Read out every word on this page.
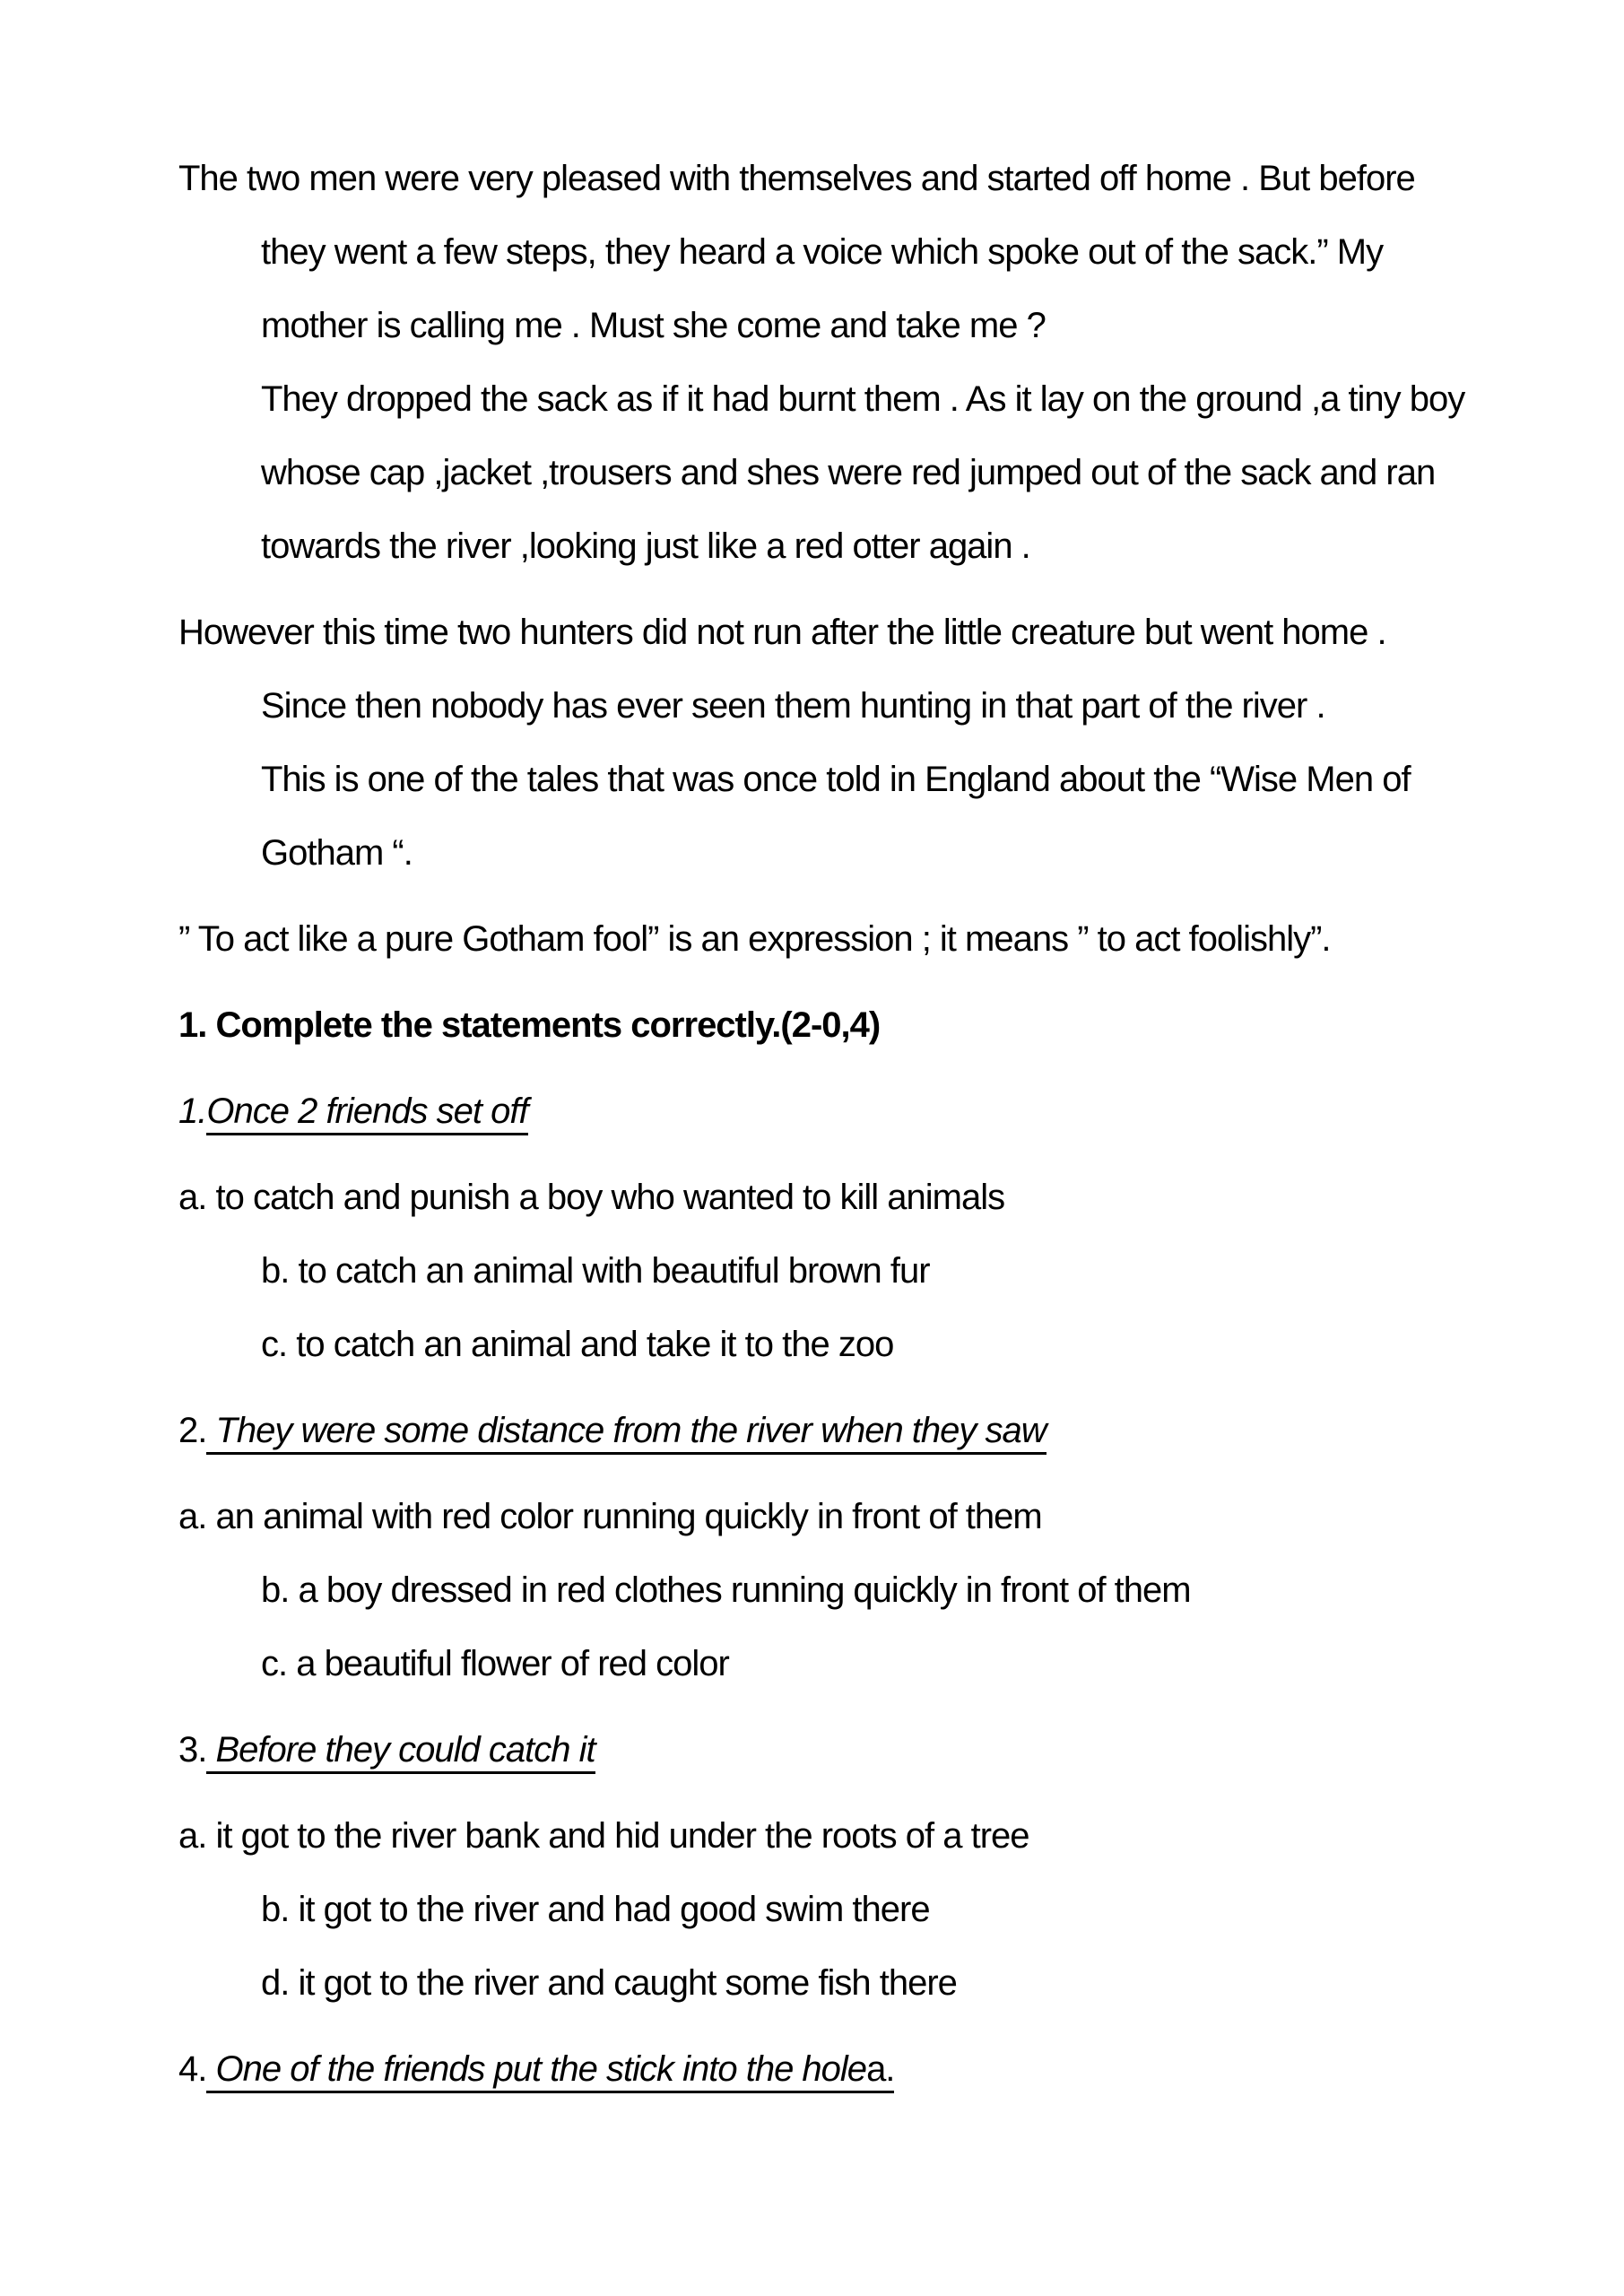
The two men were very pleased with themselves and started off home . But before
they went a few steps, they heard a voice which spoke out of the sack.” My
mother is calling me . Must she come and take me ?
They dropped the sack as if it had burnt them . As it lay on the ground ,a tiny boy
whose cap ,jacket ,trousers and shes were red jumped out of the sack and ran
towards the river ,looking just like a red otter again .
However this time two hunters did not run after the little creature but went home .
Since then nobody has ever seen them hunting in that part of the river .
This is one of the tales that was once told in England about the “Wise Men of
Gotham “.
” To act like a pure Gotham fool” is an expression ; it means ” to act foolishly”.
1. Complete the statements correctly.(2-0,4)
1.Once 2 friends set off
a. to catch and punish a boy who wanted to kill animals
b. to catch an animal with beautiful brown fur
c. to catch an animal and take it to the zoo
2. They were some distance from the river when they saw
a. an animal with red color running quickly in front of them
b. a boy dressed in red clothes running quickly in front of them
c. a beautiful flower of red color
3. Before they could catch it
a. it got to the river bank and hid under the roots of a tree
b. it got to the river and had good swim there
d. it got to the river and caught some fish there
4. One of the friends put the stick into the holea.
